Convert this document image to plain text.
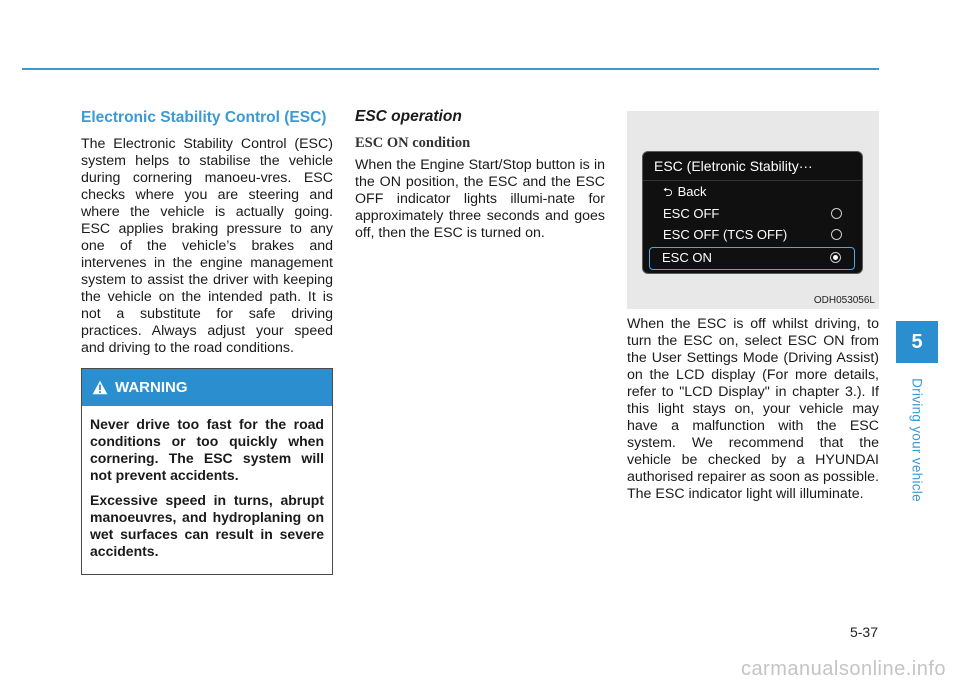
Electronic Stability Control (ESC)

The Electronic Stability Control (ESC) system helps to stabilise the vehicle during cornering manoeu-vres. ESC checks where you are steering and where the vehicle is actually going. ESC applies braking pressure to any one of the vehicle’s brakes and intervenes in the engine management system to assist the driver with keeping the vehicle on the intended path. It is not a substitute for safe driving practices. Always adjust your speed and driving to the road conditions.

WARNING

Never drive too fast for the road conditions or too quickly when cornering. The ESC system will not prevent accidents.

Excessive speed in turns, abrupt manoeuvres, and hydroplaning on wet surfaces can result in severe accidents.

ESC operation
ESC ON condition

When the Engine Start/Stop button is in the ON position, the ESC and the ESC OFF indicator lights illumi-nate for approximately three seconds and goes off, then the ESC is turned on.

ESC (Eletronic Stability···
⮌ Back
ESC OFF
ESC OFF (TCS OFF)
ESC ON
ODH053056L

When the ESC is off whilst driving, to turn the ESC on, select ESC ON from the User Settings Mode (Driving Assist) on the LCD display (For more details, refer to "LCD Display" in chapter 3.). If this light stays on, your vehicle may have a malfunction with the ESC system. We recommend that the vehicle be checked by a HYUNDAI authorised repairer as soon as possible. The ESC indicator light will illuminate.

5
Driving your vehicle
5-37
carmanualsonline.info
